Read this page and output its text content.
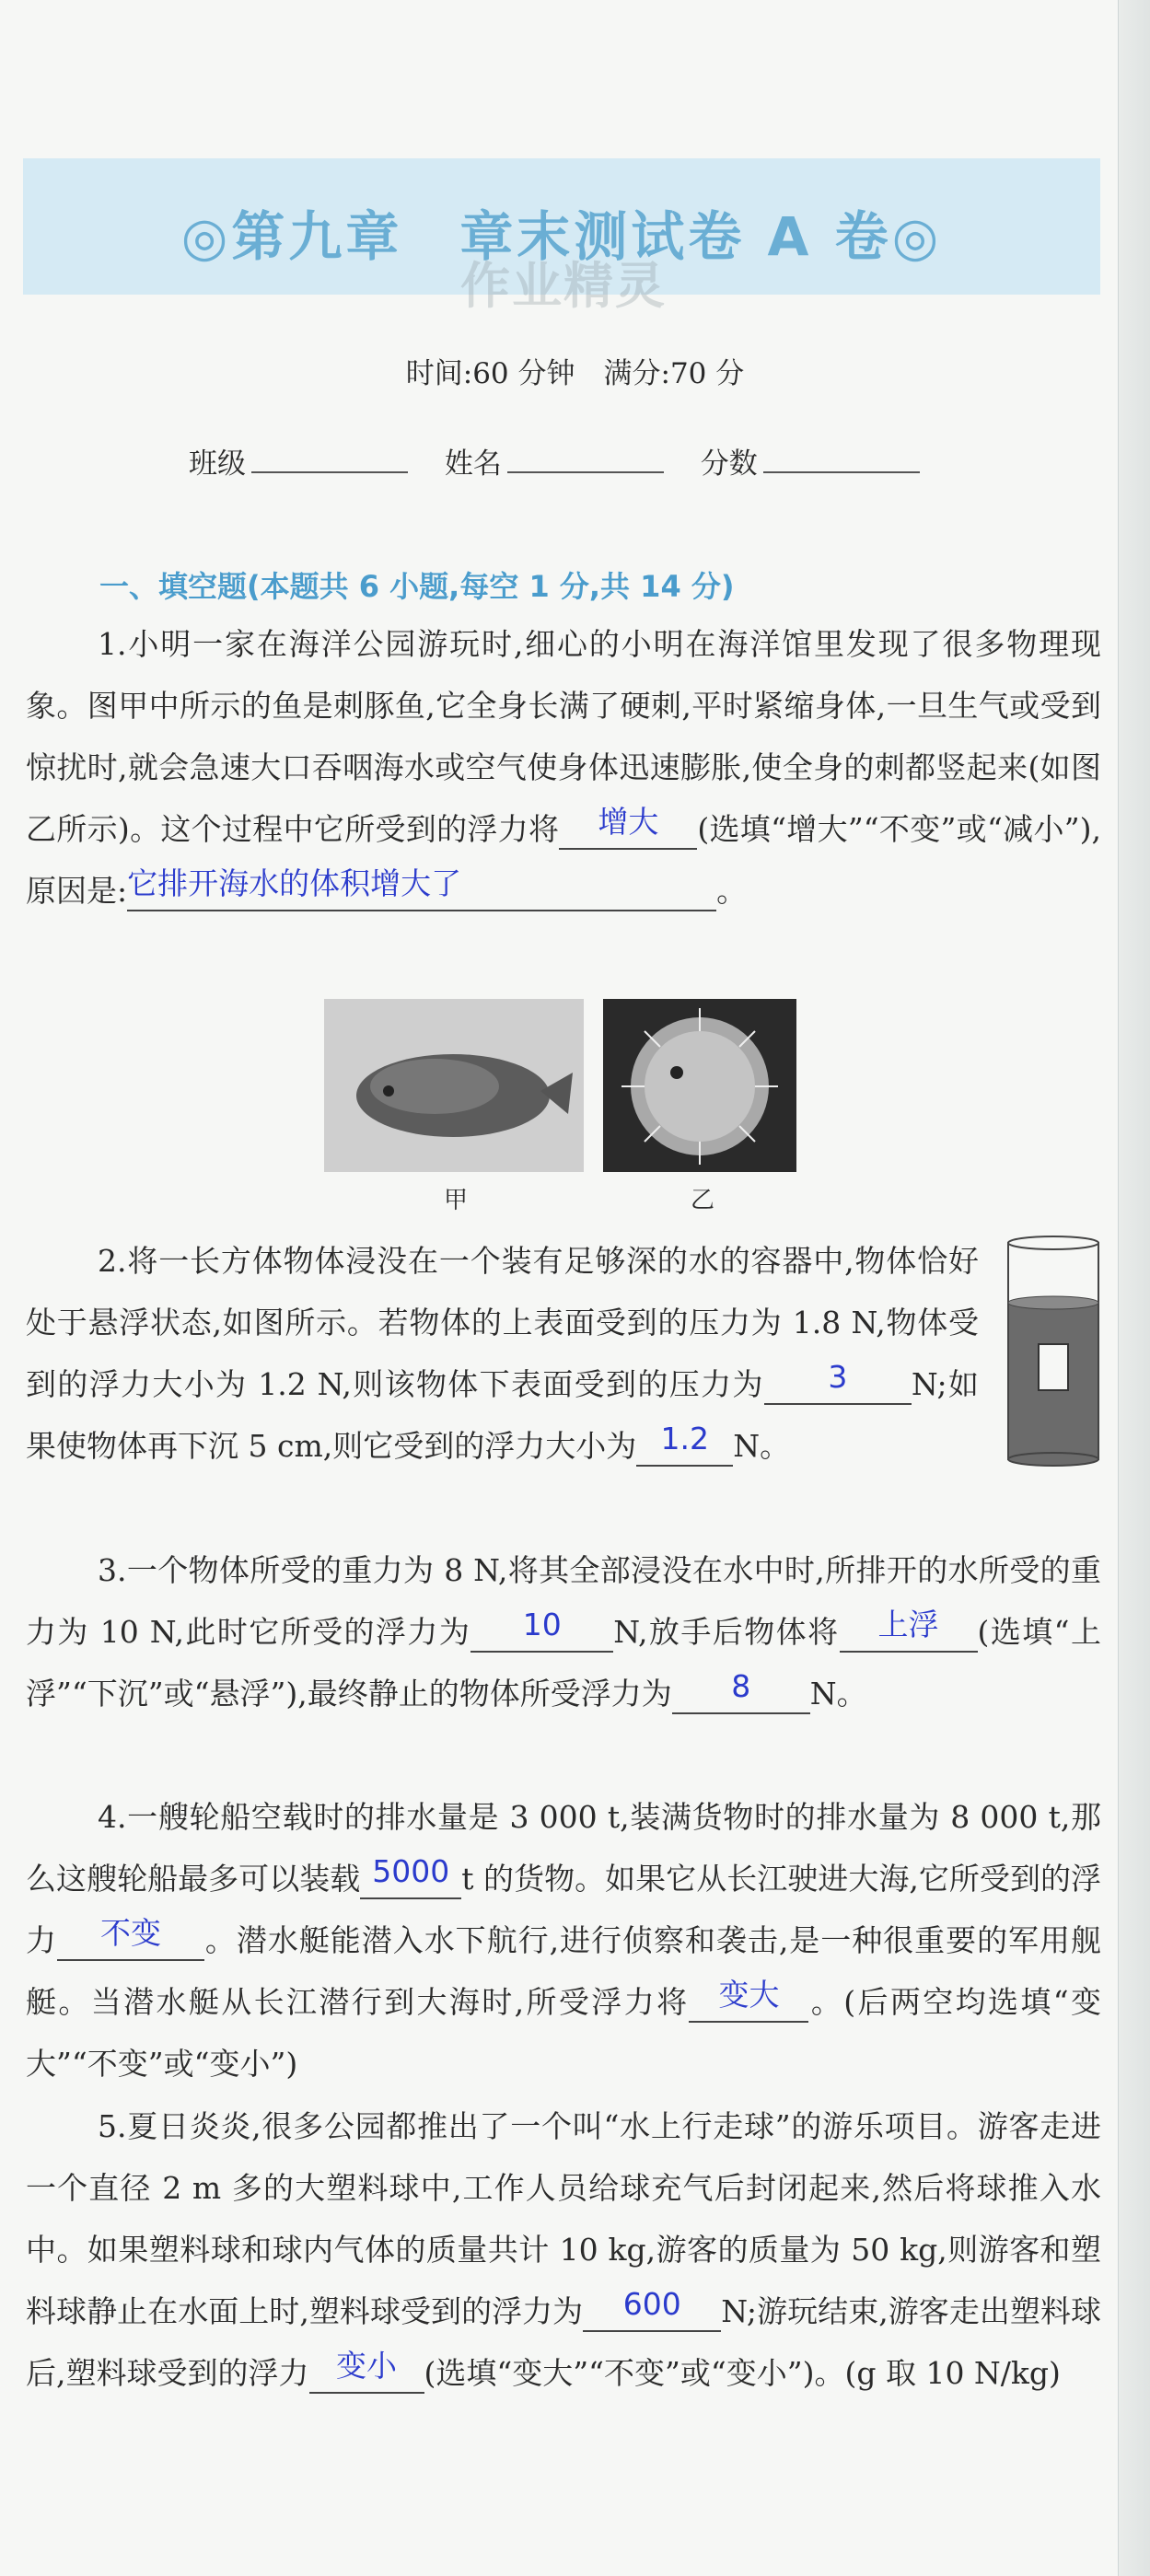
◎第九章　章末测试卷 A 卷◎
作业精灵
时间:60 分钟　满分:70 分
班级	姓名	分数
一、填空题(本题共 6 小题,每空 1 分,共 14 分)
1.小明一家在海洋公园游玩时,细心的小明在海洋馆里发现了很多物理现象。图甲中所示的鱼是刺豚鱼,它全身长满了硬刺,平时紧缩身体,一旦生气或受到惊扰时,就会急速大口吞咽海水或空气使身体迅速膨胀,使全身的刺都竖起来(如图乙所示)。这个过程中它所受到的浮力将 增大 (选填“增大”“不变”或“减小”),原因是:它排开海水的体积增大了	。
甲	乙
2.将一长方体物体浸没在一个装有足够深的水的容器中,物体恰好处于悬浮状态,如图所示。若物体的上表面受到的压力为 1.8 N,物体受到的浮力大小为 1.2 N,则该物体下表面受到的压力为 3 N;如果使物体再下沉 5 cm,则它受到的浮力大小为 1.2 N。
3.一个物体所受的重力为 8 N,将其全部浸没在水中时,所排开的水所受的重力为 10 N,此时它所受的浮力为 10 N,放手后物体将 上浮 (选填“上浮”“下沉”或“悬浮”),最终静止的物体所受浮力为 8 N。
4.一艘轮船空载时的排水量是 3 000 t,装满货物时的排水量为 8 000 t,那么这艘轮船最多可以装载 5000 t 的货物。如果它从长江驶进大海,它所受到的浮力 不变 。潜水艇能潜入水下航行,进行侦察和袭击,是一种很重要的军用舰艇。当潜水艇从长江潜行到大海时,所受浮力将 变大 。(后两空均选填“变大”“不变”或“变小”)
5.夏日炎炎,很多公园都推出了一个叫“水上行走球”的游乐项目。游客走进一个直径 2 m 多的大塑料球中,工作人员给球充气后封闭起来,然后将球推入水中。如果塑料球和球内气体的质量共计 10 kg,游客的质量为 50 kg,则游客和塑料球静止在水面上时,塑料球受到的浮力为 600 N;游玩结束,游客走出塑料球后,塑料球受到的浮力 变小 (选填“变大”“不变”或“变小”)。(g 取 10 N/kg)
